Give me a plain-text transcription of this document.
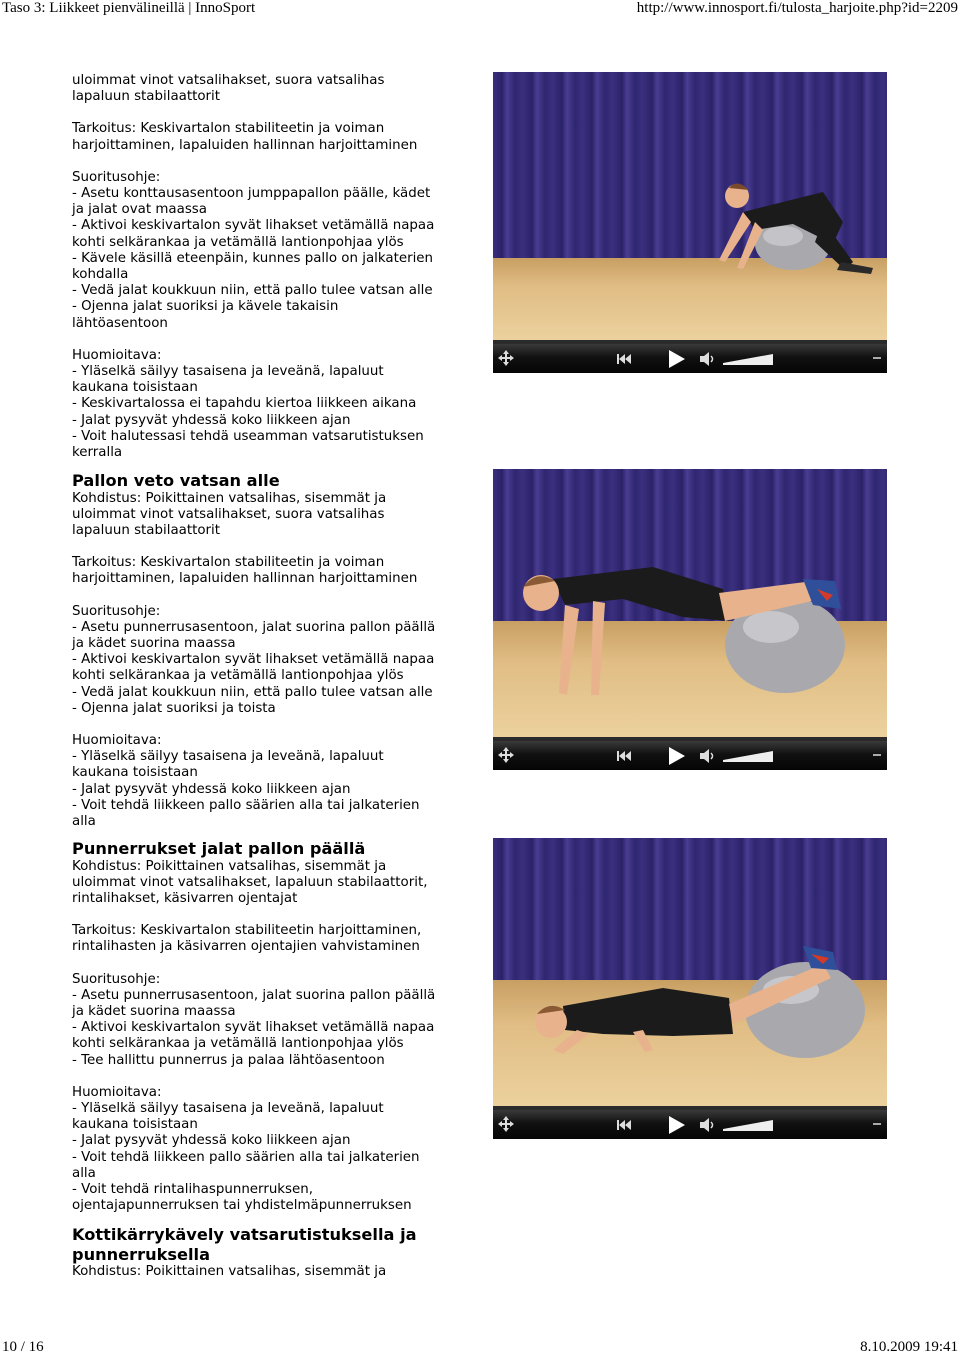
Taso 3: Liikkeet pienvälineillä | InnoSport	http://www.innosport.fi/tulosta_harjoite.php?id=2209
uloimmat vinot vatsalihakset, suora vatsalihas
lapaluun stabilaattorit
Tarkoitus: Keskivartalon stabiliteetin ja voiman
harjoittaminen, lapaluiden hallinnan harjoittaminen
Suoritusohje:
- Asetu konttausasentoon jumppapallon päälle, kädet
ja jalat ovat maassa
- Aktivoi keskivartalon syvät lihakset vetämällä napaa
kohti selkärankaa ja vetämällä lantionpohjaa ylös
- Kävele käsillä eteenpäin, kunnes pallo on jalkaterien
kohdalla
- Vedä jalat koukkuun niin, että pallo tulee vatsan alle
- Ojenna jalat suoriksi ja kävele takaisin
lähtöasentoon
Huomioitava:
- Yläselkä säilyy tasaisena ja leveänä, lapaluut
kaukana toisistaan
- Keskivartalossa ei tapahdu kiertoa liikkeen aikana
- Jalat pysyvät yhdessä koko liikkeen ajan
- Voit halutessasi tehdä useamman vatsarutistuksen
kerralla
Pallon veto vatsan alle
Kohdistus: Poikittainen vatsalihas, sisemmät ja
uloimmat vinot vatsalihakset, suora vatsalihas
lapaluun stabilaattorit
Tarkoitus: Keskivartalon stabiliteetin ja voiman
harjoittaminen, lapaluiden hallinnan harjoittaminen
Suoritusohje:
- Asetu punnerrusasentoon, jalat suorina pallon päällä
ja kädet suorina maassa
- Aktivoi keskivartalon syvät lihakset vetämällä napaa
kohti selkärankaa ja vetämällä lantionpohjaa ylös
- Vedä jalat koukkuun niin, että pallo tulee vatsan alle
- Ojenna jalat suoriksi ja toista
Huomioitava:
- Yläselkä säilyy tasaisena ja leveänä, lapaluut
kaukana toisistaan
- Jalat pysyvät yhdessä koko liikkeen ajan
- Voit tehdä liikkeen pallo säärien alla tai jalkaterien
alla
Punnerrukset jalat pallon päällä
Kohdistus: Poikittainen vatsalihas, sisemmät ja
uloimmat vinot vatsalihakset, lapaluun stabilaattorit,
rintalihakset, käsivarren ojentajat
Tarkoitus: Keskivartalon stabiliteetin harjoittaminen,
rintalihasten ja käsivarren ojentajien vahvistaminen
Suoritusohje:
- Asetu punnerrusasentoon, jalat suorina pallon päällä
ja kädet suorina maassa
- Aktivoi keskivartalon syvät lihakset vetämällä napaa
kohti selkärankaa ja vetämällä lantionpohjaa ylös
- Tee hallittu punnerrus ja palaa lähtöasentoon
Huomioitava:
- Yläselkä säilyy tasaisena ja leveänä, lapaluut
kaukana toisistaan
- Jalat pysyvät yhdessä koko liikkeen ajan
- Voit tehdä liikkeen pallo säärien alla tai jalkaterien
alla
- Voit tehdä rintalihaspunnerruksen,
ojentajapunnerruksen tai yhdistelmäpunnerruksen
Kottikärrykävely vatsarutistuksella ja punnerruksella
Kohdistus: Poikittainen vatsalihas, sisemmät ja
10 / 16	8.10.2009 19:41
